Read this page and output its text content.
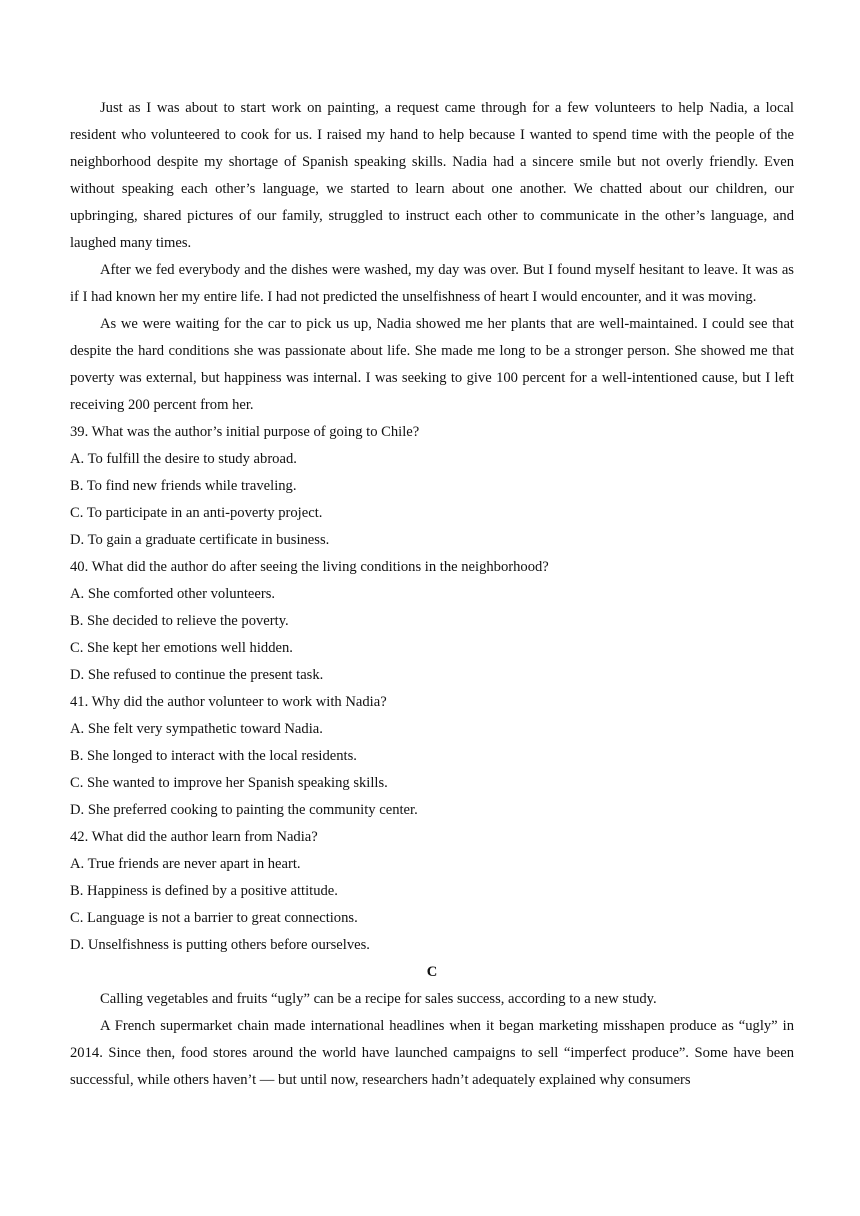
Just as I was about to start work on painting, a request came through for a few volunteers to help Nadia, a local resident who volunteered to cook for us. I raised my hand to help because I wanted to spend time with the people of the neighborhood despite my shortage of Spanish speaking skills. Nadia had a sincere smile but not overly friendly. Even without speaking each other’s language, we started to learn about one another. We chatted about our children, our upbringing, shared pictures of our family, struggled to instruct each other to communicate in the other’s language, and laughed many times.

After we fed everybody and the dishes were washed, my day was over. But I found myself hesitant to leave. It was as if I had known her my entire life. I had not predicted the unselfishness of heart I would encounter, and it was moving.

As we were waiting for the car to pick us up, Nadia showed me her plants that are well-maintained. I could see that despite the hard conditions she was passionate about life. She made me long to be a stronger person. She showed me that poverty was external, but happiness was internal. I was seeking to give 100 percent for a well-intentioned cause, but I left receiving 200 percent from her.

39. What was the author’s initial purpose of going to Chile?

A. To fulfill the desire to study abroad.

B. To find new friends while traveling.

C. To participate in an anti-poverty project.

D. To gain a graduate certificate in business.

40. What did the author do after seeing the living conditions in the neighborhood?

A. She comforted other volunteers.

B. She decided to relieve the poverty.

C. She kept her emotions well hidden.

D. She refused to continue the present task.

41. Why did the author volunteer to work with Nadia?

A. She felt very sympathetic toward Nadia.

B. She longed to interact with the local residents.

C. She wanted to improve her Spanish speaking skills.

D. She preferred cooking to painting the community center.

42. What did the author learn from Nadia?

A. True friends are never apart in heart.

B. Happiness is defined by a positive attitude.

C. Language is not a barrier to great connections.

D. Unselfishness is putting others before ourselves.

C

Calling vegetables and fruits “ugly” can be a recipe for sales success, according to a new study.

A French supermarket chain made international headlines when it began marketing misshapen produce as “ugly” in 2014. Since then, food stores around the world have launched campaigns to sell “imperfect produce”. Some have been successful, while others haven’t — but until now, researchers hadn’t adequately explained why consumers
